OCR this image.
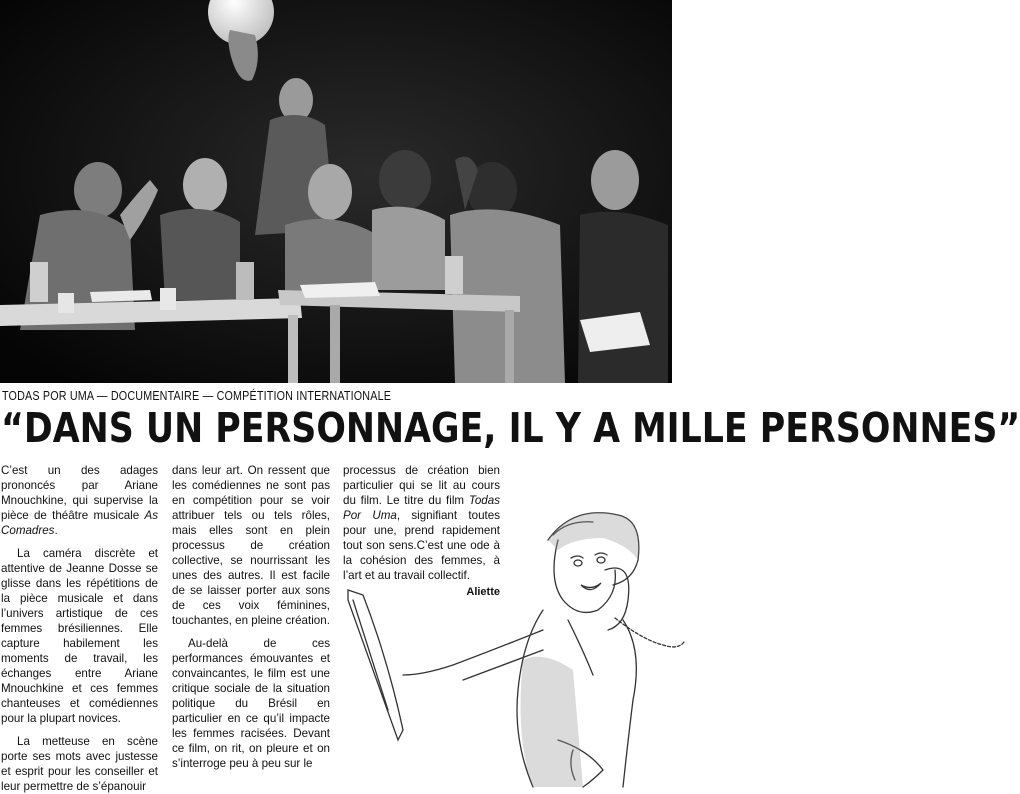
TODAS POR UMA — DOCUMENTAIRE — COMPÉTITION INTERNATIONALE
“DANS UN PERSONNAGE, IL Y A MILLE PERSONNES”

C’est un des adages prononcés par Ariane Mnouchkine, qui supervise la pièce de théâtre musicale As Comadres.

La caméra discrète et attentive de Jeanne Dosse se glisse dans les répétitions de la pièce musicale et dans l’univers artistique de ces femmes brésiliennes. Elle capture habilement les moments de travail, les échanges entre Ariane Mnouchkine et ces femmes chanteuses et comédiennes pour la plupart novices.

La metteuse en scène porte ses mots avec justesse et esprit pour les conseiller et leur permettre de s’épanouir

dans leur art. On ressent que les comédiennes ne sont pas en compétition pour se voir attribuer tels ou tels rôles, mais elles sont en plein processus de création collective, se nourrissant les unes des autres. Il est facile de se laisser porter aux sons de ces voix féminines, touchantes, en pleine création.

Au-delà de ces performances émouvantes et convaincantes, le film est une critique sociale de la situation politique du Brésil en particulier en ce qu’il impacte les femmes racisées. Devant ce film, on rit, on pleure et on s’interroge peu à peu sur le

processus de création bien particulier qui se lit au cours du film. Le titre du film Todas Por Uma, signifiant toutes pour une, prend rapidement tout son sens.C’est une ode à la cohésion des femmes, à l’art et au travail collectif.

Aliette
